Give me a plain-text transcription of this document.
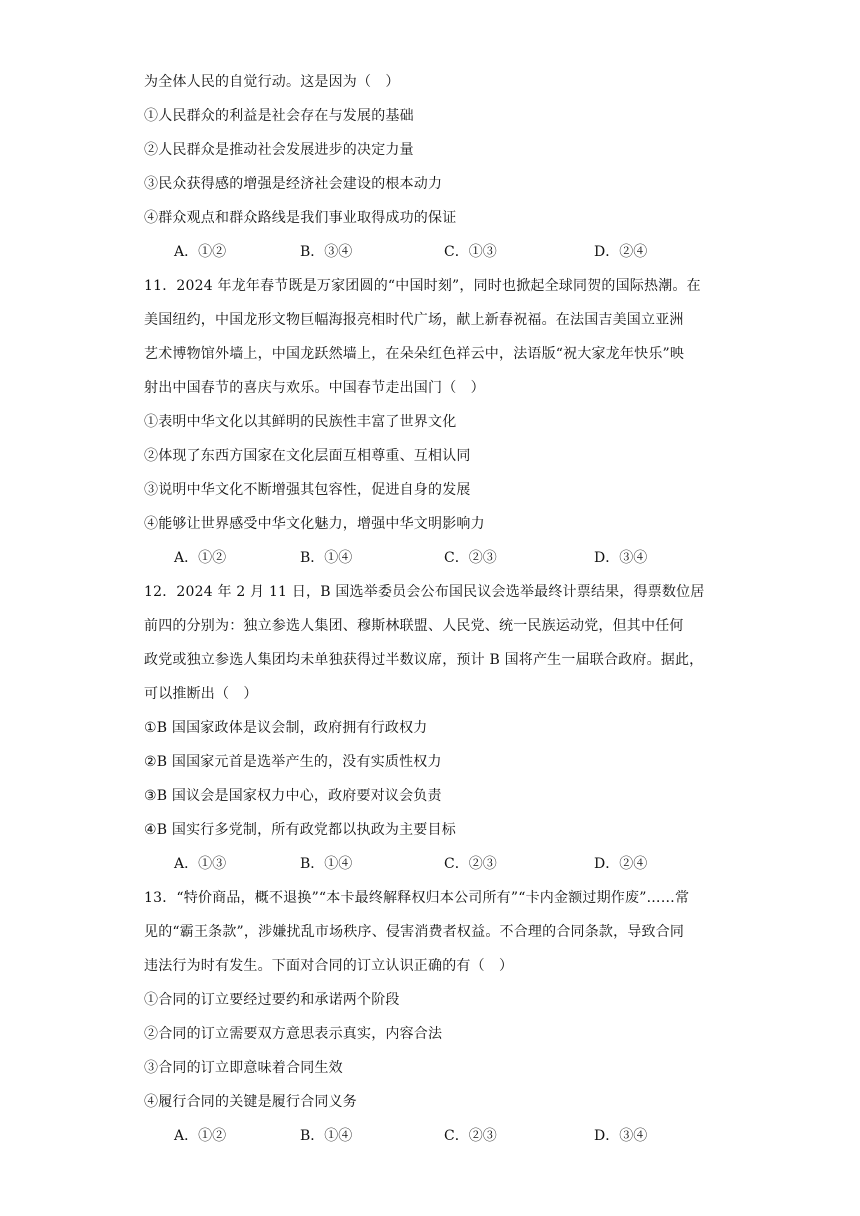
为全体人民的自觉行动。这是因为（　）
①人民群众的利益是社会存在与发展的基础
②人民群众是推动社会发展进步的决定力量
③民众获得感的增强是经济社会建设的根本动力
④群众观点和群众路线是我们事业取得成功的保证
A．①②	B．③④	C．①③	D．②④
11．2024 年龙年春节既是万家团圆的“中国时刻”，同时也掀起全球同贺的国际热潮。在
美国纽约，中国龙形文物巨幅海报亮相时代广场，献上新春祝福。在法国吉美国立亚洲
艺术博物馆外墙上，中国龙跃然墙上，在朵朵红色祥云中，法语版“祝大家龙年快乐”映
射出中国春节的喜庆与欢乐。中国春节走出国门（　）
①表明中华文化以其鲜明的民族性丰富了世界文化
②体现了东西方国家在文化层面互相尊重、互相认同
③说明中华文化不断增强其包容性，促进自身的发展
④能够让世界感受中华文化魅力，增强中华文明影响力
A．①②	B．①④	C．②③	D．③④
12．2024 年 2 月 11 日，B 国选举委员会公布国民议会选举最终计票结果，得票数位居
前四的分别为：独立参选人集团、穆斯林联盟、人民党、统一民族运动党，但其中任何
政党或独立参选人集团均未单独获得过半数议席，预计 B 国将产生一届联合政府。据此，
可以推断出（　）
①B 国国家政体是议会制，政府拥有行政权力
②B 国国家元首是选举产生的，没有实质性权力
③B 国议会是国家权力中心，政府要对议会负责
④B 国实行多党制，所有政党都以执政为主要目标
A．①③	B．①④	C．②③	D．②④
13．“特价商品，概不退换”“本卡最终解释权归本公司所有”“卡内金额过期作废”……常
见的“霸王条款”，涉嫌扰乱市场秩序、侵害消费者权益。不合理的合同条款，导致合同
违法行为时有发生。下面对合同的订立认识正确的有（　）
①合同的订立要经过要约和承诺两个阶段
②合同的订立需要双方意思表示真实，内容合法
③合同的订立即意味着合同生效
④履行合同的关键是履行合同义务
A．①②	B．①④	C．②③	D．③④
